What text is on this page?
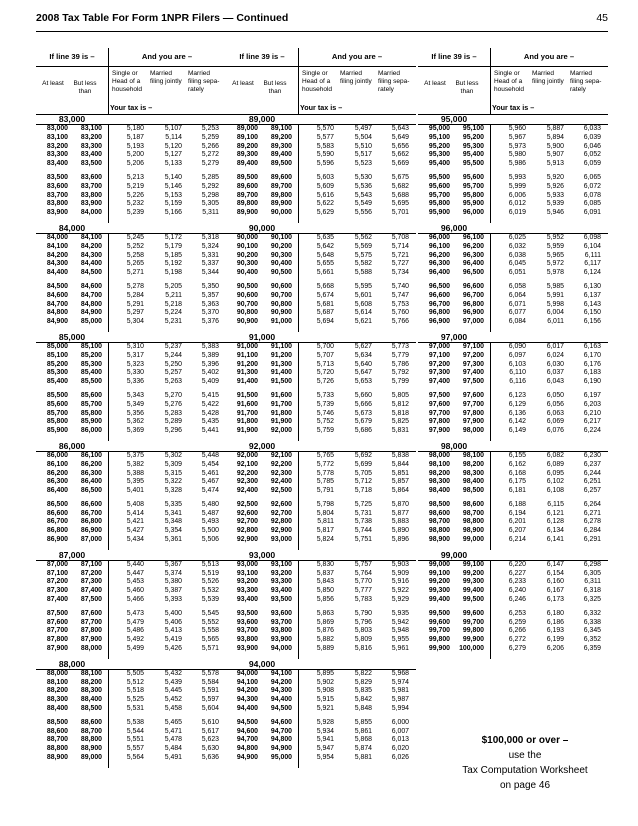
2008 Tax Table For Form 1NPR Filers — Continued	45
If line 39 is –	And you are –
At least	But less than
Single or Head of a household
Married filing jointly
Married filing sepa- rately
Your tax is –
83,000
83,000	83,100	5,180	5,107	5,253
83,100	83,200	5,187	5,114	5,259
83,200	83,300	5,193	5,120	5,266
83,300	83,400	5,200	5,127	5,272
83,400	83,500	5,206	5,133	5,279
83,500	83,600	5,213	5,140	5,285
83,600	83,700	5,219	5,146	5,292
83,700	83,800	5,226	5,153	5,298
83,800	83,900	5,232	5,159	5,305
83,900	84,000	5,239	5,166	5,311
84,000
84,000	84,100	5,245	5,172	5,318
84,100	84,200	5,252	5,179	5,324
84,200	84,300	5,258	5,185	5,331
84,300	84,400	5,265	5,192	5,337
84,400	84,500	5,271	5,198	5,344
84,500	84,600	5,278	5,205	5,350
84,600	84,700	5,284	5,211	5,357
84,700	84,800	5,291	5,218	5,363
84,800	84,900	5,297	5,224	5,370
84,900	85,000	5,304	5,231	5,376
85,000
85,000	85,100	5,310	5,237	5,383
85,100	85,200	5,317	5,244	5,389
85,200	85,300	5,323	5,250	5,396
85,300	85,400	5,330	5,257	5,402
85,400	85,500	5,336	5,263	5,409
85,500	85,600	5,343	5,270	5,415
85,600	85,700	5,349	5,276	5,422
85,700	85,800	5,356	5,283	5,428
85,800	85,900	5,362	5,289	5,435
85,900	86,000	5,369	5,296	5,441
86,000
86,000	86,100	5,375	5,302	5,448
86,100	86,200	5,382	5,309	5,454
86,200	86,300	5,388	5,315	5,461
86,300	86,400	5,395	5,322	5,467
86,400	86,500	5,401	5,328	5,474
86,500	86,600	5,408	5,335	5,480
86,600	86,700	5,414	5,341	5,487
86,700	86,800	5,421	5,348	5,493
86,800	86,900	5,427	5,354	5,500
86,900	87,000	5,434	5,361	5,506
87,000
87,000	87,100	5,440	5,367	5,513
87,100	87,200	5,447	5,374	5,519
87,200	87,300	5,453	5,380	5,526
87,300	87,400	5,460	5,387	5,532
87,400	87,500	5,466	5,393	5,539
87,500	87,600	5,473	5,400	5,545
87,600	87,700	5,479	5,406	5,552
87,700	87,800	5,486	5,413	5,558
87,800	87,900	5,492	5,419	5,565
87,900	88,000	5,499	5,426	5,571
88,000
88,000	88,100	5,505	5,432	5,578
88,100	88,200	5,512	5,439	5,584
88,200	88,300	5,518	5,445	5,591
88,300	88,400	5,525	5,452	5,597
88,400	88,500	5,531	5,458	5,604
88,500	88,600	5,538	5,465	5,610
88,600	88,700	5,544	5,471	5,617
88,700	88,800	5,551	5,478	5,623
88,800	88,900	5,557	5,484	5,630
88,900	89,000	5,564	5,491	5,636
If line 39 is –	And you are –
At least	But less than
Single or Head of a household
Married filing jointly
Married filing sepa- rately
Your tax is –
89,000
89,000	89,100	5,570	5,497	5,643
89,100	89,200	5,577	5,504	5,649
89,200	89,300	5,583	5,510	5,656
89,300	89,400	5,590	5,517	5,662
89,400	89,500	5,596	5,523	5,669
89,500	89,600	5,603	5,530	5,675
89,600	89,700	5,609	5,536	5,682
89,700	89,800	5,616	5,543	5,688
89,800	89,900	5,622	5,549	5,695
89,900	90,000	5,629	5,556	5,701
90,000
90,000	90,100	5,635	5,562	5,708
90,100	90,200	5,642	5,569	5,714
90,200	90,300	5,648	5,575	5,721
90,300	90,400	5,655	5,582	5,727
90,400	90,500	5,661	5,588	5,734
90,500	90,600	5,668	5,595	5,740
90,600	90,700	5,674	5,601	5,747
90,700	90,800	5,681	5,608	5,753
90,800	90,900	5,687	5,614	5,760
90,900	91,000	5,694	5,621	5,766
91,000
91,000	91,100	5,700	5,627	5,773
91,100	91,200	5,707	5,634	5,779
91,200	91,300	5,713	5,640	5,786
91,300	91,400	5,720	5,647	5,792
91,400	91,500	5,726	5,653	5,799
91,500	91,600	5,733	5,660	5,805
91,600	91,700	5,739	5,666	5,812
91,700	91,800	5,746	5,673	5,818
91,800	91,900	5,752	5,679	5,825
91,900	92,000	5,759	5,686	5,831
92,000
92,000	92,100	5,765	5,692	5,838
92,100	92,200	5,772	5,699	5,844
92,200	92,300	5,778	5,705	5,851
92,300	92,400	5,785	5,712	5,857
92,400	92,500	5,791	5,718	5,864
92,500	92,600	5,798	5,725	5,870
92,600	92,700	5,804	5,731	5,877
92,700	92,800	5,811	5,738	5,883
92,800	92,900	5,817	5,744	5,890
92,900	93,000	5,824	5,751	5,896
93,000
93,000	93,100	5,830	5,757	5,903
93,100	93,200	5,837	5,764	5,909
93,200	93,300	5,843	5,770	5,916
93,300	93,400	5,850	5,777	5,922
93,400	93,500	5,856	5,783	5,929
93,500	93,600	5,863	5,790	5,935
93,600	93,700	5,869	5,796	5,942
93,700	93,800	5,876	5,803	5,948
93,800	93,900	5,882	5,809	5,955
93,900	94,000	5,889	5,816	5,961
94,000
94,000	94,100	5,895	5,822	5,968
94,100	94,200	5,902	5,829	5,974
94,200	94,300	5,908	5,835	5,981
94,300	94,400	5,915	5,842	5,987
94,400	94,500	5,921	5,848	5,994
94,500	94,600	5,928	5,855	6,000
94,600	94,700	5,934	5,861	6,007
94,700	94,800	5,941	5,868	6,013
94,800	94,900	5,947	5,874	6,020
94,900	95,000	5,954	5,881	6,026
If line 39 is –	And you are –
At least	But less than
Single or Head of a household
Married filing jointly
Married filing sepa- rately
Your tax is –
95,000
95,000	95,100	5,960	5,887	6,033
95,100	95,200	5,967	5,894	6,039
95,200	95,300	5,973	5,900	6,046
95,300	95,400	5,980	5,907	6,052
95,400	95,500	5,986	5,913	6,059
95,500	95,600	5,993	5,920	6,065
95,600	95,700	5,999	5,926	6,072
95,700	95,800	6,006	5,933	6,078
95,800	95,900	6,012	5,939	6,085
95,900	96,000	6,019	5,946	6,091
96,000
96,000	96,100	6,025	5,952	6,098
96,100	96,200	6,032	5,959	6,104
96,200	96,300	6,038	5,965	6,111
96,300	96,400	6,045	5,972	6,117
96,400	96,500	6,051	5,978	6,124
96,500	96,600	6,058	5,985	6,130
96,600	96,700	6,064	5,991	6,137
96,700	96,800	6,071	5,998	6,143
96,800	96,900	6,077	6,004	6,150
96,900	97,000	6,084	6,011	6,156
97,000
97,000	97,100	6,090	6,017	6,163
97,100	97,200	6,097	6,024	6,170
97,200	97,300	6,103	6,030	6,176
97,300	97,400	6,110	6,037	6,183
97,400	97,500	6,116	6,043	6,190
97,500	97,600	6,123	6,050	6,197
97,600	97,700	6,129	6,056	6,203
97,700	97,800	6,136	6,063	6,210
97,800	97,900	6,142	6,069	6,217
97,900	98,000	6,149	6,076	6,224
98,000
98,000	98,100	6,155	6,082	6,230
98,100	98,200	6,162	6,089	6,237
98,200	98,300	6,168	6,095	6,244
98,300	98,400	6,175	6,102	6,251
98,400	98,500	6,181	6,108	6,257
98,500	98,600	6,188	6,115	6,264
98,600	98,700	6,194	6,121	6,271
98,700	98,800	6,201	6,128	6,278
98,800	98,900	6,207	6,134	6,284
98,900	99,000	6,214	6,141	6,291
99,000
99,000	99,100	6,220	6,147	6,298
99,100	99,200	6,227	6,154	6,305
99,200	99,300	6,233	6,160	6,311
99,300	99,400	6,240	6,167	6,318
99,400	99,500	6,246	6,173	6,325
99,500	99,600	6,253	6,180	6,332
99,600	99,700	6,259	6,186	6,338
99,700	99,800	6,266	6,193	6,345
99,800	99,900	6,272	6,199	6,352
99,900	100,000	6,279	6,206	6,359
$100,000 or over –
use the
Tax Computation Worksheet
on page 46
